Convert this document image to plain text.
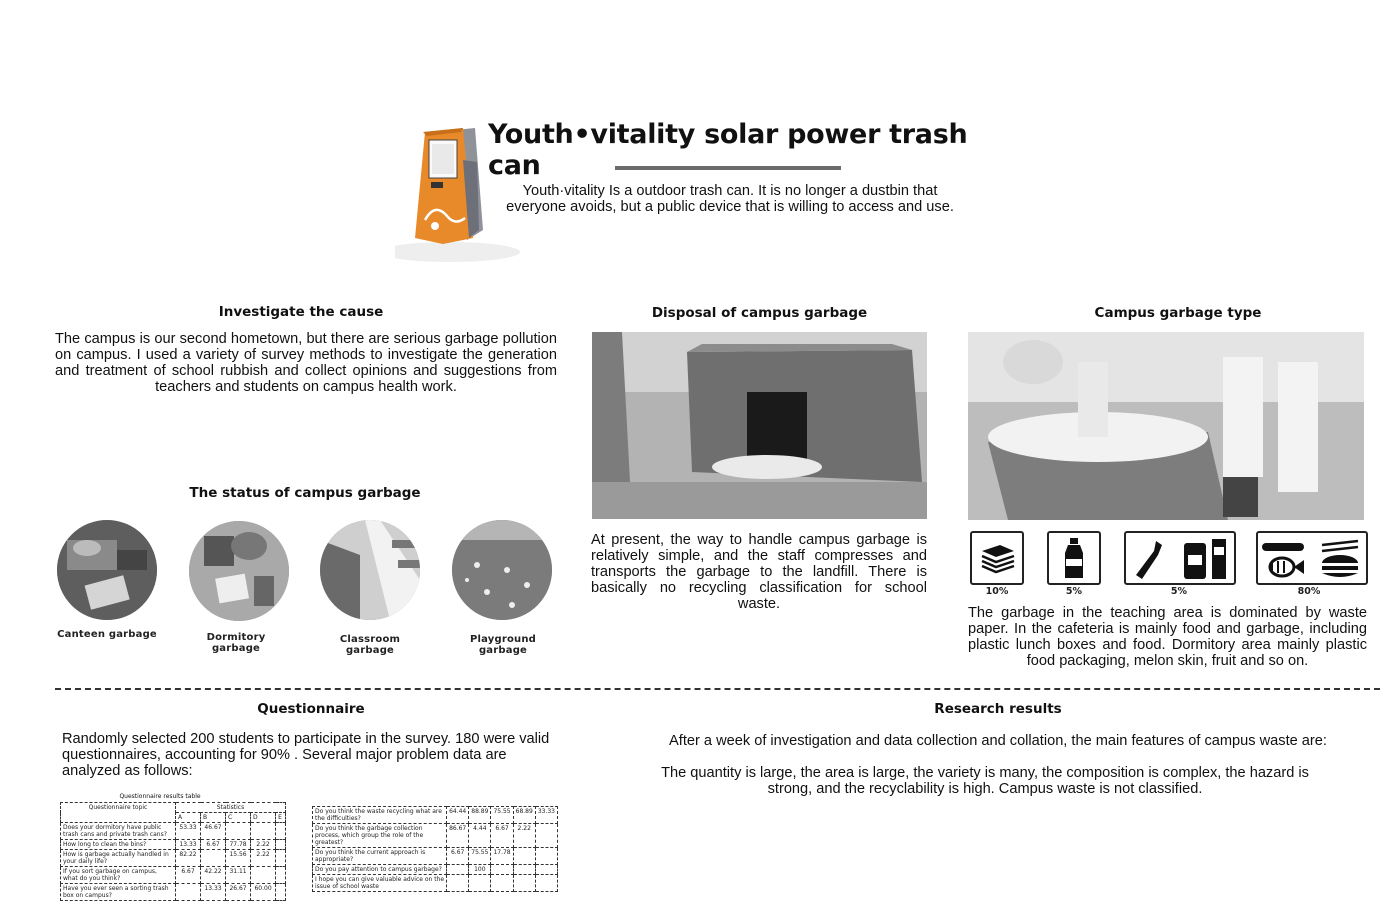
Youth•vitality solar power trash can
Youth·vitality Is a outdoor trash can. It is no longer a dustbin that everyone avoids, but a public device that is willing to access and use.
Investigate the cause
The campus is our second hometown, but there are serious garbage pollution on campus. I used a variety of survey methods to investigate the generation and treatment of school rubbish and collect opinions and suggestions from teachers and students on campus health work.
The status of campus garbage
Canteen garbage	Dormitory garbage
Classroom garbage
Playground garbage
Disposal of campus garbage
At present, the way to handle campus garbage is relatively simple, and the staff compresses and transports the garbage to the landfill. There is basically no recycling classification for school waste.
Campus garbage type
10%	5%	5%	80%
The garbage in the teaching area is dominated by waste paper. In the cafeteria is mainly food and garbage, including plastic lunch boxes and food. Dormitory area mainly plastic food packaging, melon skin, fruit and so on.
Questionnaire
Randomly selected 200 students to participate in the survey. 180 were valid questionnaires, accounting for 90% . Several major problem data are analyzed as follows:
Questionnaire results table
Questionnaire topic	Statistics				
	A	B	C	D	E
Does your dormitory have public trash cans and private trash cans?	53.33	46.67			
How long to clean the bins?	13.33	6.67	77.78	2.22	
How is garbage actually handled in your daily life?	82.22		15.56	2.22	
If you sort garbage on campus, what do you think?	6.67	42.22	31.11		
Have you ever seen a sorting trash box on campus?		13.33	26.67	60.00	
Do you think the waste recycling what are the difficulties?	64.44	88.89	75.55	68.89	33.33
Do you think the garbage collection process, which group the role of the greatest?	86.67	4.44	6.67	2.22	
Do you think the current approach is appropriate?	6.67	75.55	17.78		
Do you pay attention to campus garbage?		100			
I hope you can give valuable advice on the issue of school waste					
Research results
After a week of investigation and data collection and collation, the main features of campus waste are:
The quantity is large, the area is large, the variety is many, the composition is complex, the hazard is strong, and the recyclability is high. Campus waste is not classified.
